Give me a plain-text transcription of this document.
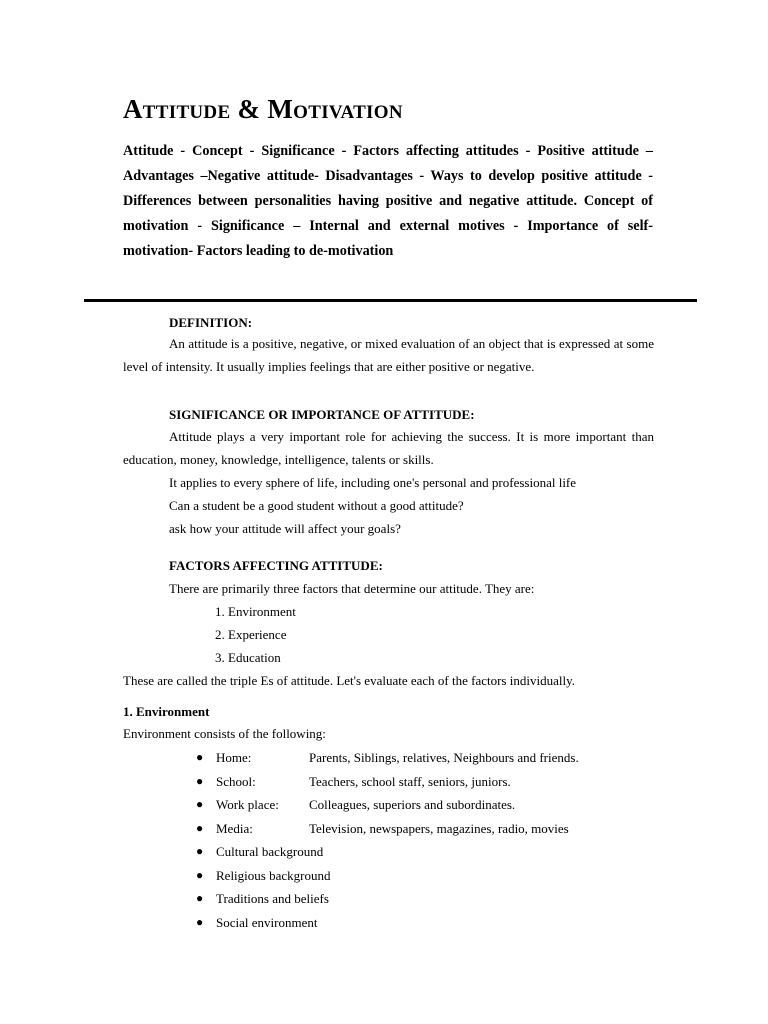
Attitude & Motivation

Attitude - Concept - Significance - Factors affecting attitudes - Positive attitude – Advantages –Negative attitude- Disadvantages - Ways to develop positive attitude - Differences between personalities having positive and negative attitude. Concept of motivation - Significance – Internal and external motives - Importance of self- motivation- Factors leading to de-motivation

DEFINITION:

An attitude is a positive, negative, or mixed evaluation of an object that is expressed at some level of intensity. It usually implies feelings that are either positive or negative.

SIGNIFICANCE OR IMPORTANCE OF ATTITUDE:

Attitude plays a very important role for achieving the success. It is more important than education, money, knowledge, intelligence, talents or skills.

It applies to every sphere of life, including one's personal and professional life

Can a student be a good student without a good attitude?

ask how your attitude will affect your goals?

FACTORS AFFECTING ATTITUDE:

There are primarily three factors that determine our attitude. They are:

1. Environment

2. Experience

3. Education

These are called the triple Es of attitude. Let's evaluate each of the factors individually.

1. Environment

Environment consists of the following:

● Home:	Parents, Siblings, relatives, Neighbours and friends.
● School:	Teachers, school staff, seniors, juniors.
● Work place: Colleagues, superiors and subordinates.
● Media:	Television, newspapers, magazines, radio, movies
● Cultural background
● Religious background
● Traditions and beliefs
● Social environment
